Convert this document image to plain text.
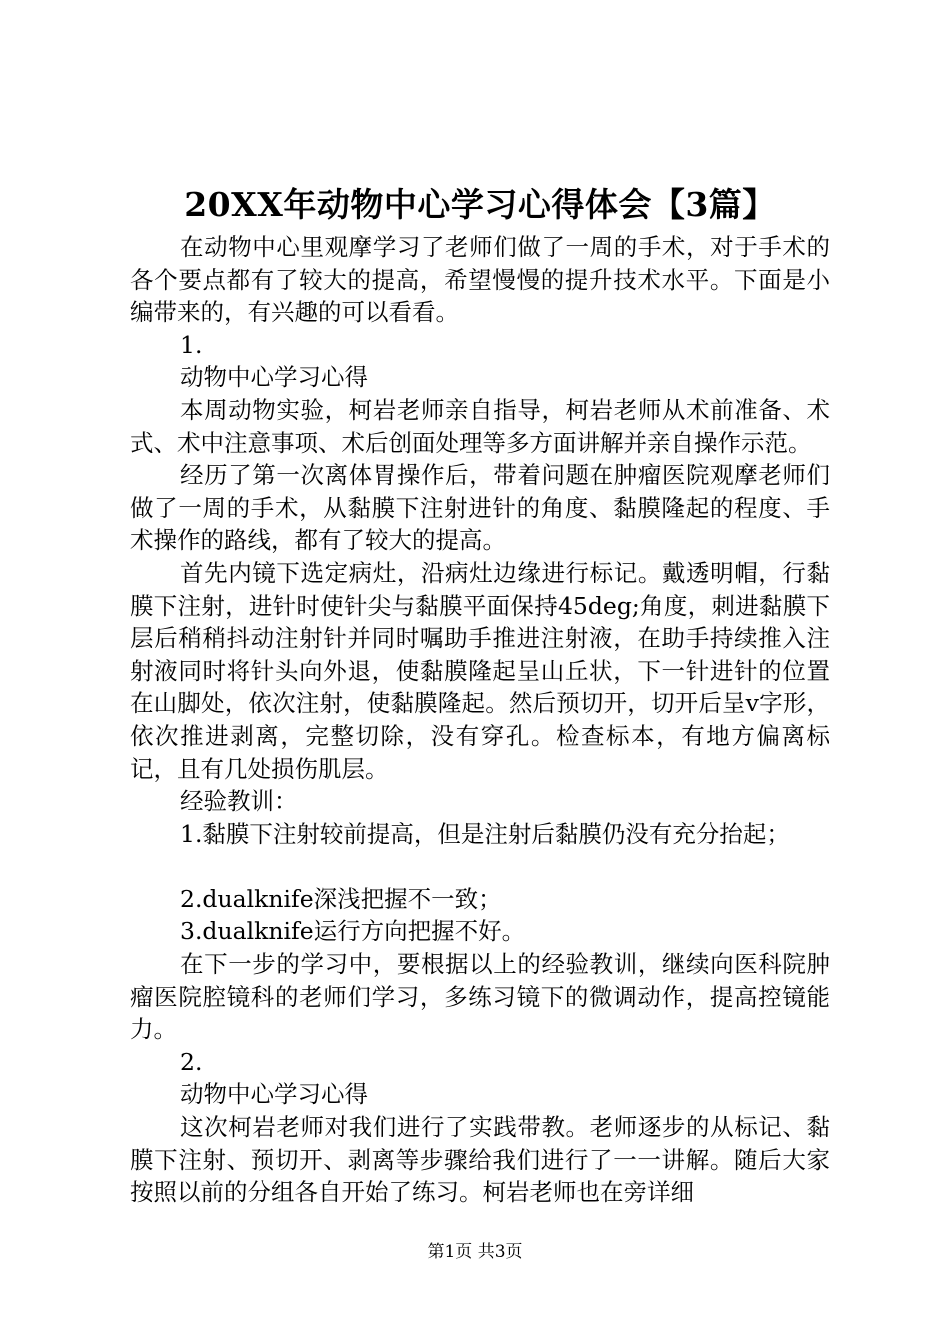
20XX年动物中心学习心得体会【3篇】

在动物中心里观摩学习了老师们做了一周的手术，对于手术的各个要点都有了较大的提高，希望慢慢的提升技术水平。下面是小编带来的，有兴趣的可以看看。

1.

动物中心学习心得

本周动物实验，柯岩老师亲自指导，柯岩老师从术前准备、术式、术中注意事项、术后创面处理等多方面讲解并亲自操作示范。

经历了第一次离体胃操作后，带着问题在肿瘤医院观摩老师们做了一周的手术，从黏膜下注射进针的角度、黏膜隆起的程度、手术操作的路线，都有了较大的提高。

首先内镜下选定病灶，沿病灶边缘进行标记。戴透明帽，行黏膜下注射，进针时使针尖与黏膜平面保持45deg;角度，刺进黏膜下层后稍稍抖动注射针并同时嘱助手推进注射液，在助手持续推入注射液同时将针头向外退，使黏膜隆起呈山丘状，下一针进针的位置在山脚处，依次注射，使黏膜隆起。然后预切开，切开后呈v字形，依次推进剥离，完整切除，没有穿孔。检查标本，有地方偏离标记，且有几处损伤肌层。

经验教训：

1.黏膜下注射较前提高，但是注射后黏膜仍没有充分抬起；

2.dualknife深浅把握不一致；

3.dualknife运行方向把握不好。

在下一步的学习中，要根据以上的经验教训，继续向医科院肿瘤医院腔镜科的老师们学习，多练习镜下的微调动作，提高控镜能力。

2.

动物中心学习心得

这次柯岩老师对我们进行了实践带教。老师逐步的从标记、黏膜下注射、预切开、剥离等步骤给我们进行了一一讲解。随后大家按照以前的分组各自开始了练习。柯岩老师也在旁详细

第1页 共3页
